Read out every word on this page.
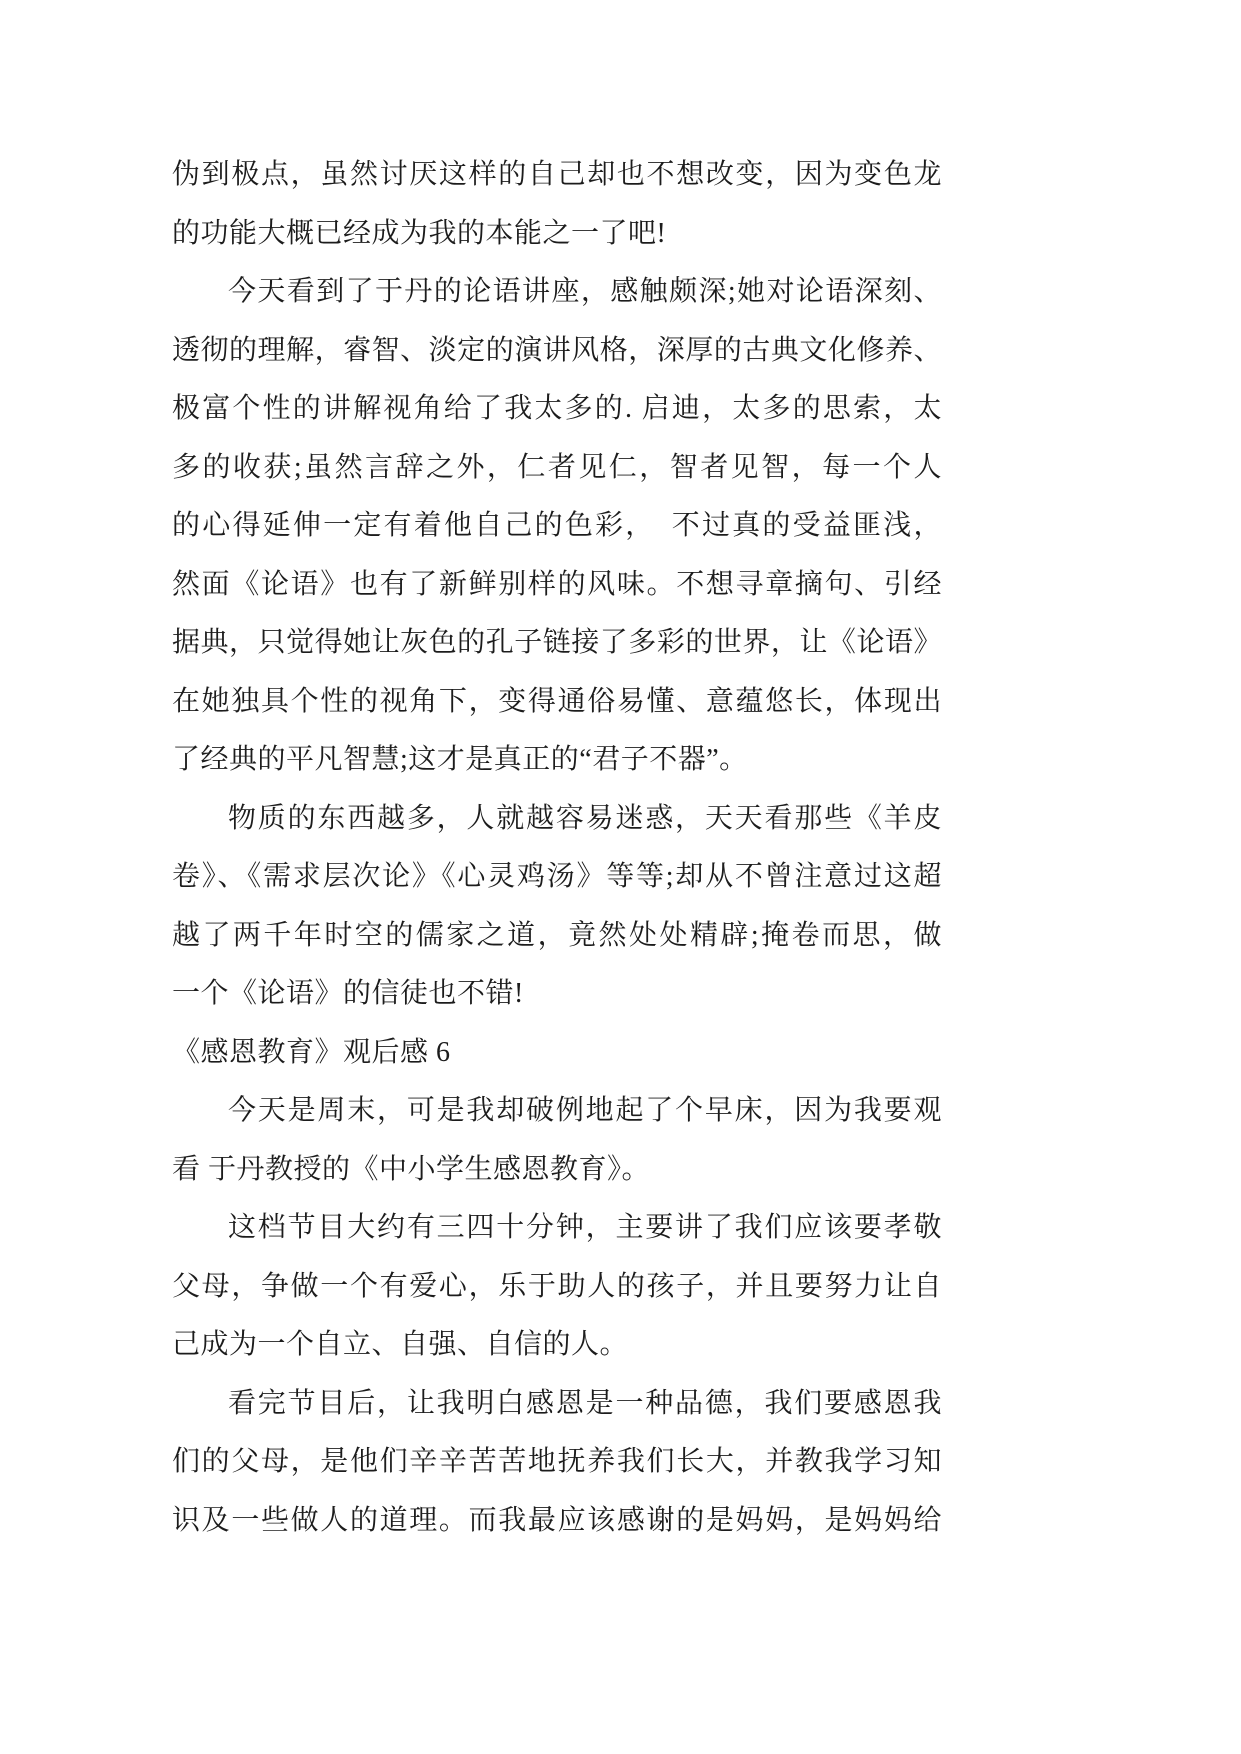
伪到极点，虽然讨厌这样的自己却也不想改变，因为变色龙
的功能大概已经成为我的本能之一了吧!
今天看到了于丹的论语讲座，感触颇深;她对论语深刻、
透彻的理解，睿智、淡定的演讲风格，深厚的古典文化修养、
极富个性的讲解视角给了我太多的. 启迪，太多的思索，太
多的收获;虽然言辞之外，仁者见仁，智者见智，每一个人
的心得延伸一定有着他自己的色彩，　不过真的受益匪浅，
然面《论语》也有了新鲜别样的风味。不想寻章摘句、引经
据典，只觉得她让灰色的孔子链接了多彩的世界，让《论语》
在她独具个性的视角下，变得通俗易懂、意蕴悠长，体现出
了经典的平凡智慧;这才是真正的“君子不器”。
物质的东西越多，人就越容易迷惑，天天看那些《羊皮
卷》、《需求层次论》《心灵鸡汤》等等;却从不曾注意过这超
越了两千年时空的儒家之道，竟然处处精辟;掩卷而思，做
一个《论语》的信徒也不错!
《感恩教育》观后感 6
今天是周末，可是我却破例地起了个早床，因为我要观
看 于丹教授的《中小学生感恩教育》。
这档节目大约有三四十分钟，主要讲了我们应该要孝敬
父母，争做一个有爱心，乐于助人的孩子，并且要努力让自
己成为一个自立、自强、自信的人。
看完节目后，让我明白感恩是一种品德，我们要感恩我
们的父母，是他们辛辛苦苦地抚养我们长大，并教我学习知
识及一些做人的道理。而我最应该感谢的是妈妈，是妈妈给
